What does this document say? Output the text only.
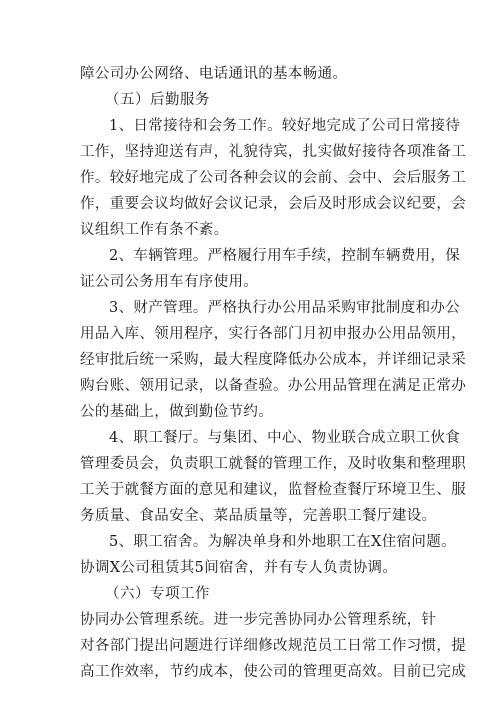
障公司办公网络、电话通讯的基本畅通。
（五）后勤服务
1、日常接待和会务工作。较好地完成了公司日常接待
工作，坚持迎送有声，礼貌待宾，扎实做好接待各项准备工
作。较好地完成了公司各种会议的会前、会中、会后服务工
作，重要会议均做好会议记录，会后及时形成会议纪要，会
议组织工作有条不紊。
2、车辆管理。严格履行用车手续，控制车辆费用，保
证公司公务用车有序使用。
3、财产管理。严格执行办公用品采购审批制度和办公
用品入库、领用程序，实行各部门月初申报办公用品领用，
经审批后统一采购，最大程度降低办公成本，并详细记录采
购台账、领用记录，以备查验。办公用品管理在满足正常办
公的基础上，做到勤俭节约。
4、职工餐厅。与集团、中心、物业联合成立职工伙食
管理委员会，负责职工就餐的管理工作，及时收集和整理职
工关于就餐方面的意见和建议，监督检查餐厅环境卫生、服
务质量、食品安全、菜品质量等，完善职工餐厅建设。
5、职工宿舍。为解决单身和外地职工在X住宿问题。
协调X公司租赁其5间宿舍，并有专人负责协调。
（六）专项工作
协同办公管理系统。进一步完善协同办公管理系统，针
对各部门提出问题进行详细修改规范员工日常工作习惯，提
高工作效率，节约成本，使公司的管理更高效。目前已完成
